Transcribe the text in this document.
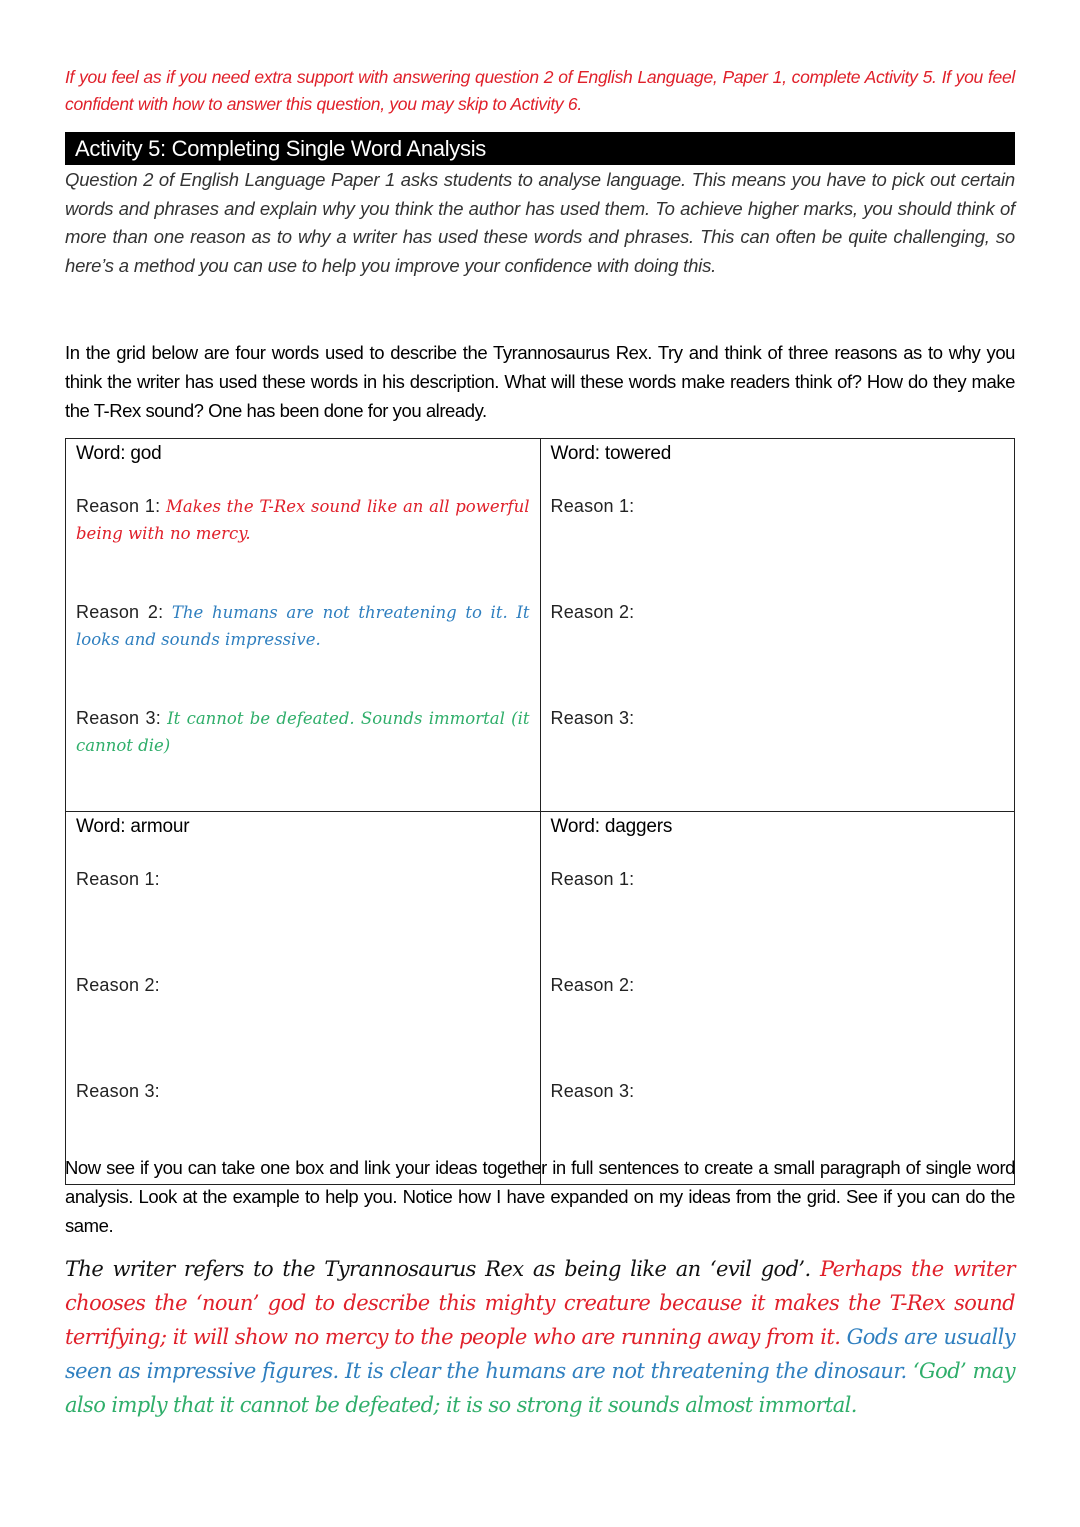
If you feel as if you need extra support with answering question 2 of English Language, Paper 1, complete Activity 5. If you feel confident with how to answer this question, you may skip to Activity 6.
Activity 5: Completing Single Word Analysis
Question 2 of English Language Paper 1 asks students to analyse language. This means you have to pick out certain words and phrases and explain why you think the author has used them. To achieve higher marks, you should think of more than one reason as to why a writer has used these words and phrases. This can often be quite challenging, so here’s a method you can use to help you improve your confidence with doing this.
In the grid below are four words used to describe the Tyrannosaurus Rex. Try and think of three reasons as to why you think the writer has used these words in his description. What will these words make readers think of? How do they make the T-Rex sound? One has been done for you already.
Word: god
Reason 1: Makes the T-Rex sound like an all powerful being with no mercy.
Reason 2: The humans are not threatening to it. It looks and sounds impressive.
Reason 3: It cannot be defeated. Sounds immortal (it cannot die)

Word: towered
Reason 1:
Reason 2:
Reason 3:

Word: armour
Reason 1:
Reason 2:
Reason 3:

Word: daggers
Reason 1:
Reason 2:
Reason 3:
Now see if you can take one box and link your ideas together in full sentences to create a small paragraph of single word analysis. Look at the example to help you. Notice how I have expanded on my ideas from the grid. See if you can do the same.
The writer refers to the Tyrannosaurus Rex as being like an ‘evil god’. Perhaps the writer chooses the ‘noun’ god to describe this mighty creature because it makes the T-Rex sound terrifying; it will show no mercy to the people who are running away from it. Gods are usually seen as impressive figures. It is clear the humans are not threatening the dinosaur. ‘God’ may also imply that it cannot be defeated; it is so strong it sounds almost immortal.
